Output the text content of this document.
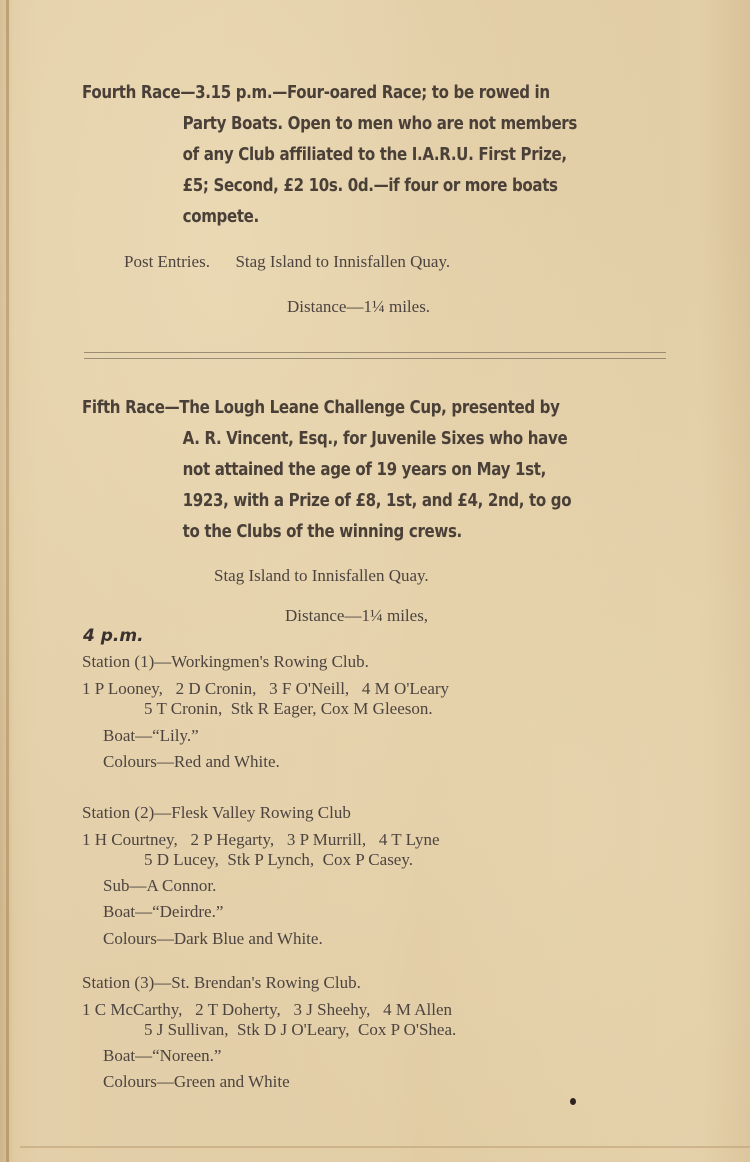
Fourth Race—3.15 p.m.—Four-oared Race; to be rowed in
Party Boats. Open to men who are not members
of any Club affiliated to the I.A.R.U. First Prize,
£5; Second, £2 10s. 0d.—if four or more boats
compete.
Post Entries.      Stag Island to Innisfallen Quay.
Distance—1¼ miles.
Fifth Race—The Lough Leane Challenge Cup, presented by
A. R. Vincent, Esq., for Juvenile Sixes who have
not attained the age of 19 years on May 1st,
1923, with a Prize of £8, 1st, and £4, 2nd, to go
to the Clubs of the winning crews.
Stag Island to Innisfallen Quay.
Distance—1¼ miles,
4 p.m.
Station (1)—Workingmen's Rowing Club.
1 P Looney,   2 D Cronin,   3 F O'Neill,   4 M O'Leary
5 T Cronin,  Stk R Eager, Cox M Gleeson.
Boat—“Lily.”
Colours—Red and White.
Station (2)—Flesk Valley Rowing Club
1 H Courtney,   2 P Hegarty,   3 P Murrill,   4 T Lyne
5 D Lucey,  Stk P Lynch,  Cox P Casey.
Sub—A Connor.
Boat—“Deirdre.”
Colours—Dark Blue and White.
Station (3)—St. Brendan's Rowing Club.
1 C McCarthy,   2 T Doherty,   3 J Sheehy,   4 M Allen
5 J Sullivan,  Stk D J O'Leary,  Cox P O'Shea.
Boat—“Noreen.”
Colours—Green and White
